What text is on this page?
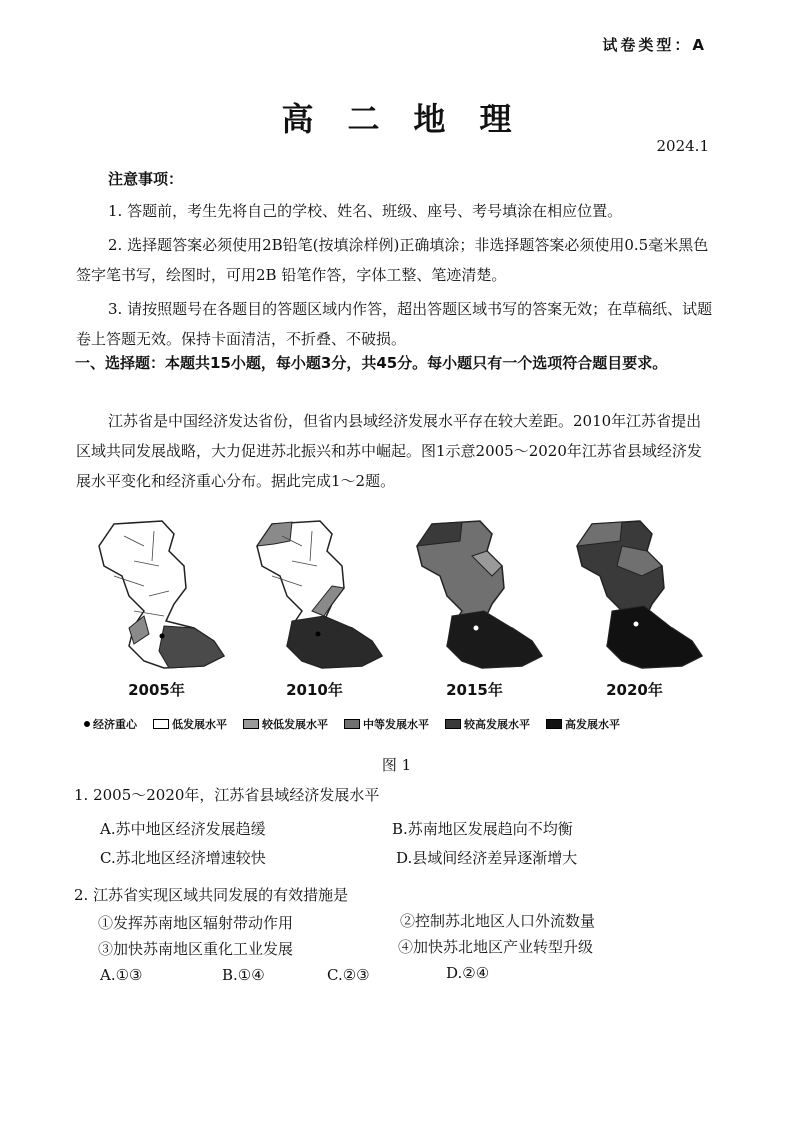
试卷类型：A
高二地理
2024.1
注意事项：
1. 答题前，考生先将自己的学校、姓名、班级、座号、考号填涂在相应位置。
2. 选择题答案必须使用2B铅笔(按填涂样例)正确填涂；非选择题答案必须使用0.5毫米黑色签字笔书写，绘图时，可用2B 铅笔作答，字体工整、笔迹清楚。
3. 请按照题号在各题目的答题区域内作答，超出答题区域书写的答案无效；在草稿纸、试题卷上答题无效。保持卡面清洁，不折叠、不破损。
一、选择题：本题共15小题，每小题3分，共45分。每小题只有一个选项符合题目要求。
江苏省是中国经济发达省份，但省内县域经济发展水平存在较大差距。2010年江苏省提出区域共同发展战略，大力促进苏北振兴和苏中崛起。图1示意2005～2020年江苏省县域经济发展水平变化和经济重心分布。据此完成1～2题。
2005年	2010年	2015年	2020年
经济重心	低发展水平	较低发展水平	中等发展水平	较高发展水平	高发展水平
图 1
1. 2005～2020年，江苏省县域经济发展水平
A.苏中地区经济发展趋缓	B.苏南地区发展趋向不均衡
C.苏北地区经济增速较快	D.县域间经济差异逐渐增大
2. 江苏省实现区域共同发展的有效措施是
①发挥苏南地区辐射带动作用	②控制苏北地区人口外流数量
③加快苏南地区重化工业发展	④加快苏北地区产业转型升级
A.①③	B.①④	C.②③	D.②④
